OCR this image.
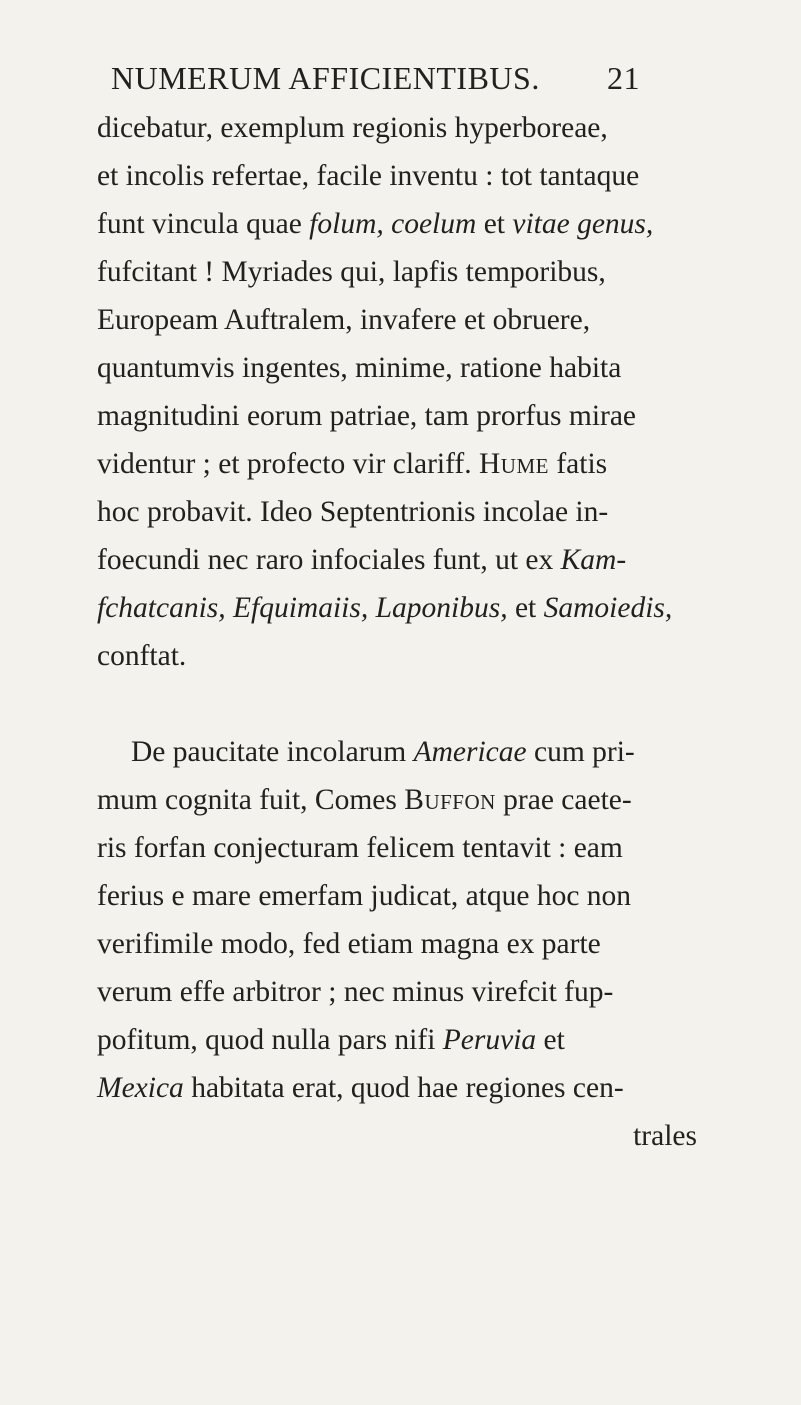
NUMERUM AFFICIENTIBUS. 21
dicebatur, exemplum regionis hyperboreae,
et incolis refertae, facile inventu : tot tantaque
funt vincula quae folum, coelum et vitae genus,
fufcitant ! Myriades qui, lapfis temporibus,
Europeam Auftralem, invafere et obruere,
quantumvis ingentes, minime, ratione habita
magnitudini eorum patriae, tam prorfus mirae
videntur ; et profecto vir clariff. Hume fatis
hoc probavit. Ideo Septentrionis incolae in-
foecundi nec raro infociales funt, ut ex Kam-
fchatcanis, Efquimaiis, Laponibus, et Samoiedis,
conftat.
De paucitate incolarum Americae cum pri-
mum cognita fuit, Comes Buffon prae caete-
ris forfan conjecturam felicem tentavit : eam
ferius e mare emerfam judicat, atque hoc non
verifimile modo, fed etiam magna ex parte
verum effe arbitror ; nec minus virefcit fup-
pofitum, quod nulla pars nifi Peruvia et
Mexica habitata erat, quod hae regiones cen-
trales
